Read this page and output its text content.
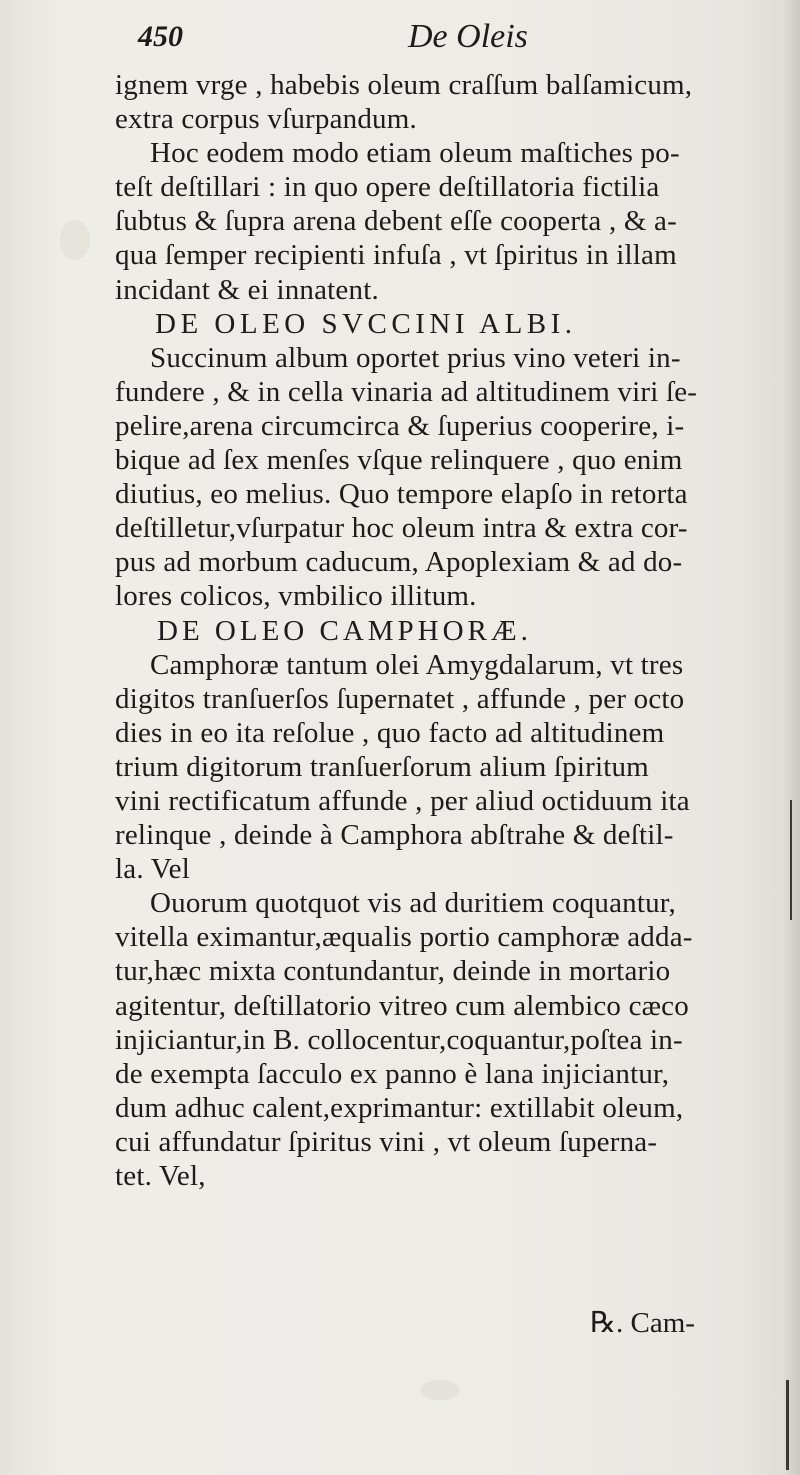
450	De Oleis
ignem vrge , habebis oleum craſſum balſamicum,
extra corpus vſurpandum.
Hoc eodem modo etiam oleum maſtiches po-
teſt deſtillari : in quo opere deſtillatoria fictilia
ſubtus & ſupra arena debent eſſe cooperta , & a-
qua ſemper recipienti infuſa , vt ſpiritus in illam
incidant & ei innatent.
DE OLEO SVCCINI ALBI.
Succinum album oportet prius vino veteri in-
fundere , & in cella vinaria ad altitudinem viri ſe-
pelire,arena circumcirca & ſuperius cooperire, i-
bique ad ſex menſes vſque relinquere , quo enim
diutius, eo melius. Quo tempore elapſo in retorta
deſtilletur,vſurpatur hoc oleum intra & extra cor-
pus ad morbum caducum, Apoplexiam & ad do-
lores colicos, vmbilico illitum.
DE OLEO CAMPHORÆ.
Camphoræ tantum olei Amygdalarum, vt tres
digitos tranſuerſos ſupernatet , affunde , per octo
dies in eo ita reſolue , quo facto ad altitudinem
trium digitorum tranſuerſorum alium ſpiritum
vini rectificatum affunde , per aliud octiduum ita
relinque , deinde à Camphora abſtrahe & deſtil-
la. Vel
Ouorum quotquot vis ad duritiem coquantur,
vitella eximantur,æqualis portio camphoræ adda-
tur,hæc mixta contundantur, deinde in mortario
agitentur, deſtillatorio vitreo cum alembico cæco
injiciantur,in B. collocentur,coquantur,poſtea in-
de exempta ſacculo ex panno è lana injiciantur,
dum adhuc calent,exprimantur: extillabit oleum,
cui affundatur ſpiritus vini , vt oleum ſuperna-
tet. Vel,
℞. Cam-
